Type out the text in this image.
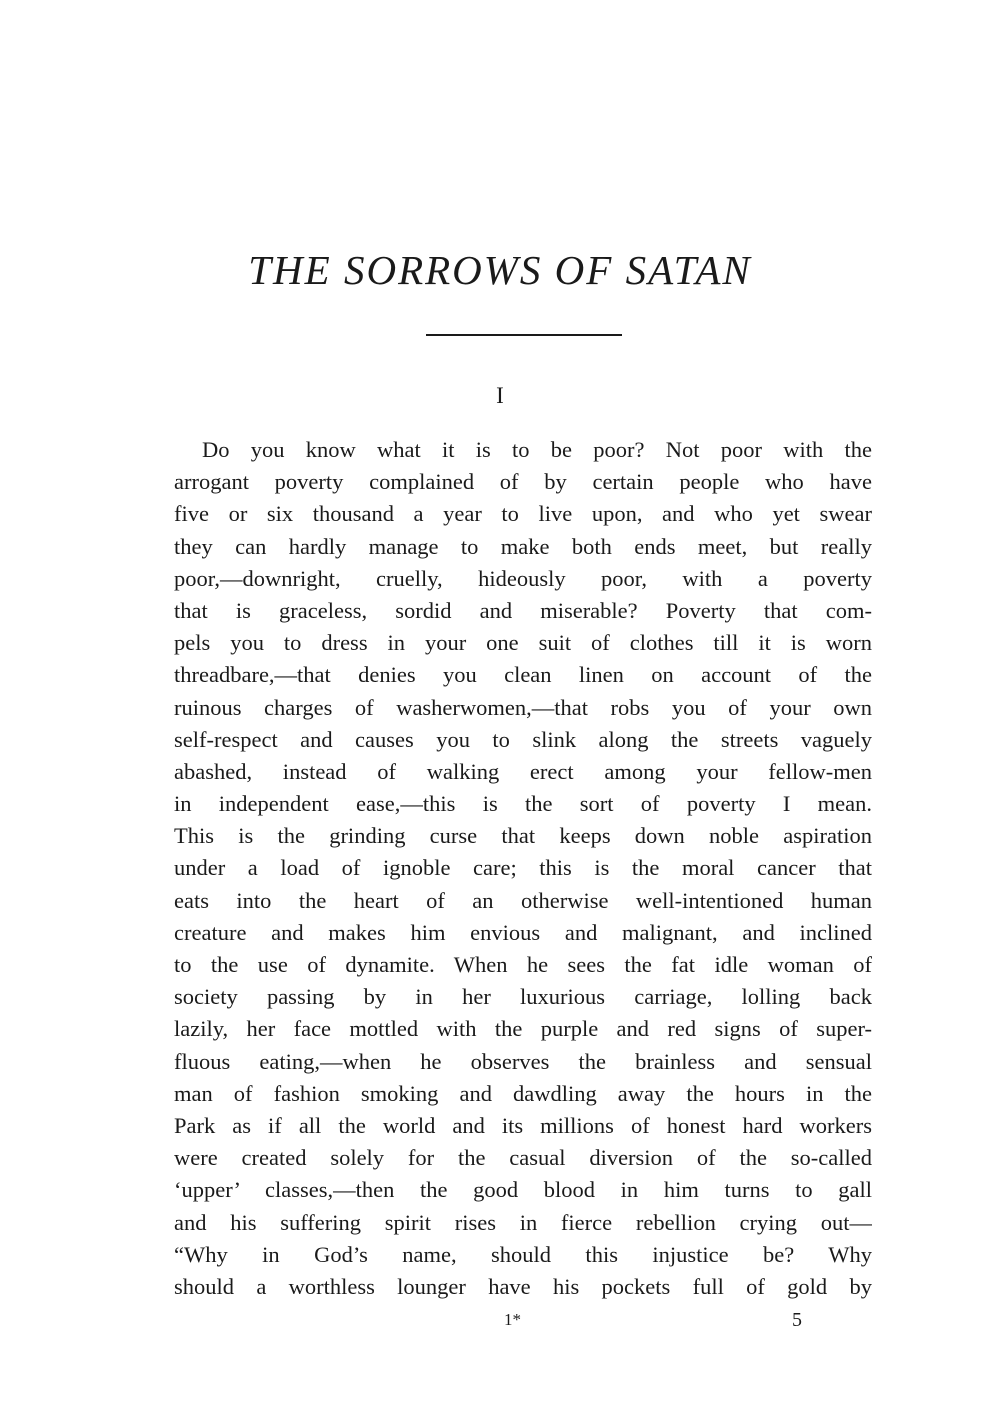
THE SORROWS OF SATAN
I
Do you know what it is to be poor? Not poor with the
arrogant poverty complained of by certain people who have
five or six thousand a year to live upon, and who yet swear
they can hardly manage to make both ends meet, but really
poor,—downright, cruelly, hideously poor, with a poverty
that is graceless, sordid and miserable? Poverty that com-
pels you to dress in your one suit of clothes till it is worn
threadbare,—that denies you clean linen on account of the
ruinous charges of washerwomen,—that robs you of your own
self-respect and causes you to slink along the streets vaguely
abashed, instead of walking erect among your fellow-men
in independent ease,—this is the sort of poverty I mean.
This is the grinding curse that keeps down noble aspiration
under a load of ignoble care; this is the moral cancer that
eats into the heart of an otherwise well-intentioned human
creature and makes him envious and malignant, and inclined
to the use of dynamite. When he sees the fat idle woman of
society passing by in her luxurious carriage, lolling back
lazily, her face mottled with the purple and red signs of super-
fluous eating,—when he observes the brainless and sensual
man of fashion smoking and dawdling away the hours in the
Park as if all the world and its millions of honest hard workers
were created solely for the casual diversion of the so-called
‘upper’ classes,—then the good blood in him turns to gall
and his suffering spirit rises in fierce rebellion crying out—
“Why in God’s name, should this injustice be? Why
should a worthless lounger have his pockets full of gold by
1*	5
